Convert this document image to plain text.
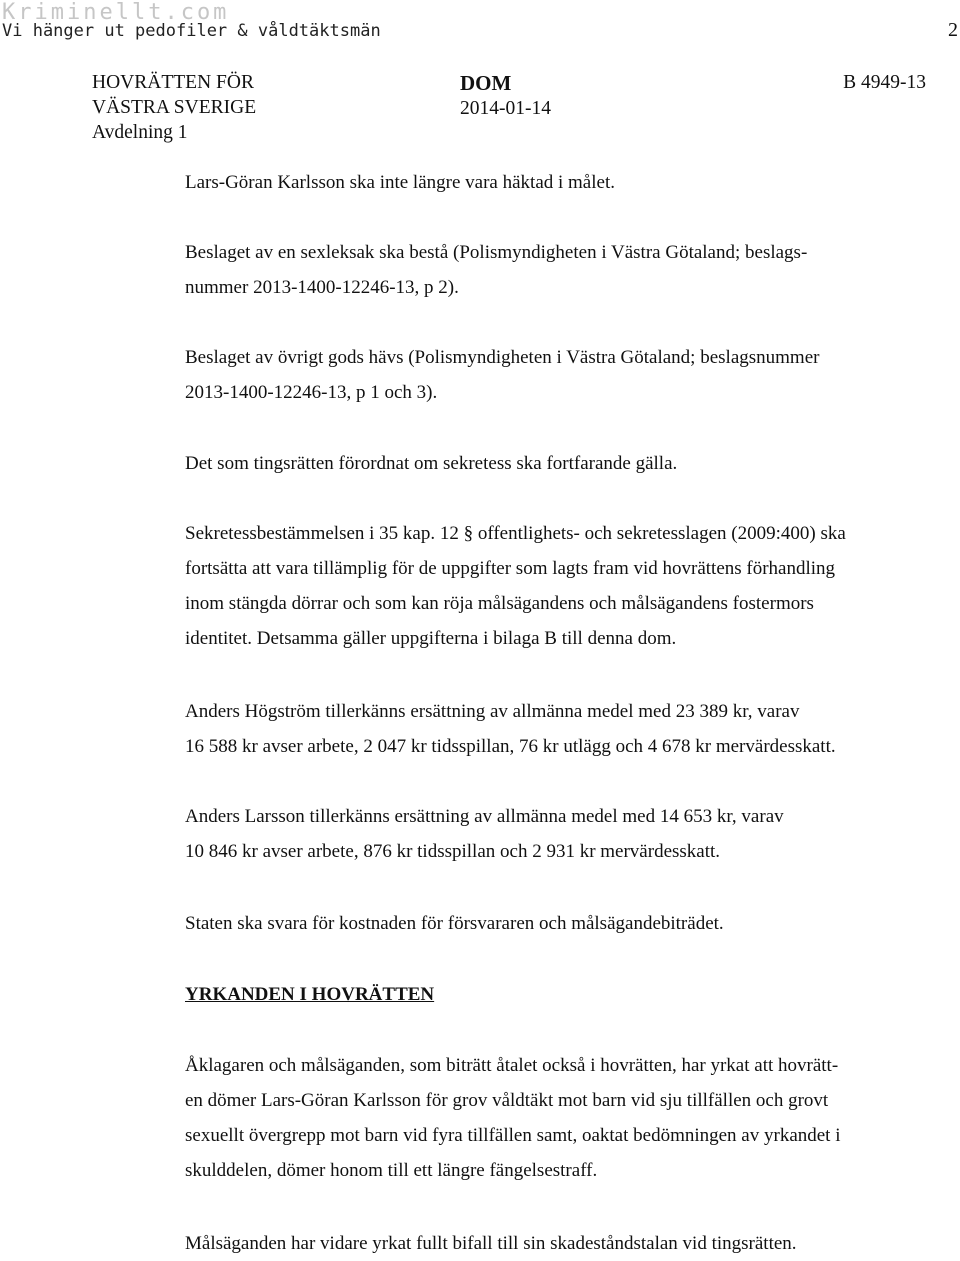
Kriminellt.com
Vi hänger ut pedofiler & våldtäktsmän	2
HOVRÄTTEN FÖR
VÄSTRA SVERIGE
Avdelning 1
DOM
2014-01-14
B 4949-13

Lars-Göran Karlsson ska inte längre vara häktad i målet.

Beslaget av en sexleksak ska bestå (Polismyndigheten i Västra Götaland; beslags-
nummer 2013-1400-12246-13, p 2).

Beslaget av övrigt gods hävs (Polismyndigheten i Västra Götaland; beslagsnummer
2013-1400-12246-13, p 1 och 3).

Det som tingsrätten förordnat om sekretess ska fortfarande gälla.

Sekretessbestämmelsen i 35 kap. 12 § offentlighets- och sekretesslagen (2009:400) ska
fortsätta att vara tillämplig för de uppgifter som lagts fram vid hovrättens förhandling
inom stängda dörrar och som kan röja målsägandens och målsägandens fostermors
identitet. Detsamma gäller uppgifterna i bilaga B till denna dom.

Anders Högström tillerkänns ersättning av allmänna medel med 23 389 kr, varav
16 588 kr avser arbete, 2 047 kr tidsspillan, 76 kr utlägg och 4 678 kr mervärdesskatt.

Anders Larsson tillerkänns ersättning av allmänna medel med 14 653 kr, varav
10 846 kr avser arbete, 876 kr tidsspillan och 2 931 kr mervärdesskatt.

Staten ska svara för kostnaden för försvararen och målsägandebiträdet.

YRKANDEN I HOVRÄTTEN

Åklagaren och målsäganden, som biträtt åtalet också i hovrätten, har yrkat att hovrätt-
en dömer Lars-Göran Karlsson för grov våldtäkt mot barn vid sju tillfällen och grovt
sexuellt övergrepp mot barn vid fyra tillfällen samt, oaktat bedömningen av yrkandet i
skulddelen, dömer honom till ett längre fängelsestraff.

Målsäganden har vidare yrkat fullt bifall till sin skadeståndstalan vid tingsrätten.
